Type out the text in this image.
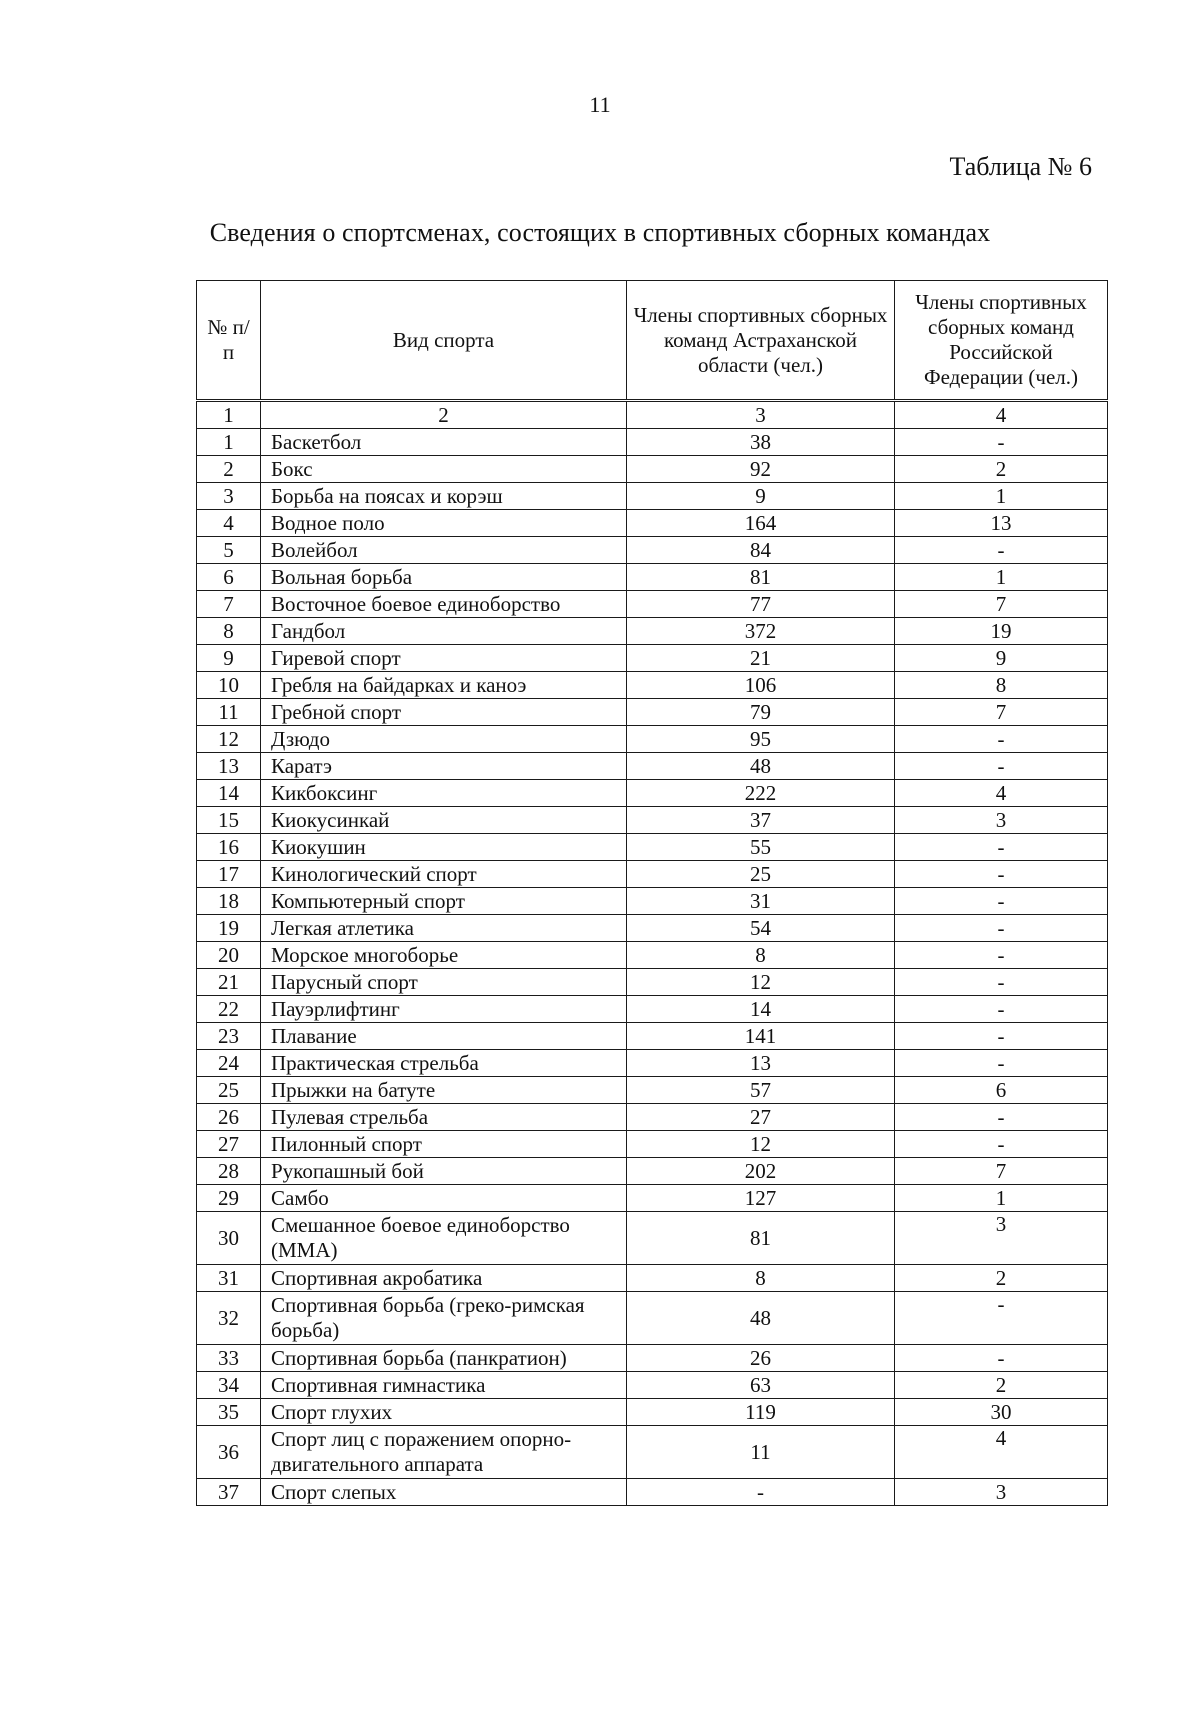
11
Таблица № 6
Сведения о спортсменах, состоящих в спортивных сборных командах
№ п/п	Вид спорта	Члены спортивных сборных команд Астраханской области (чел.)	Члены спортивных сборных команд Российской Федерации (чел.)
1	2	3	4
1	Баскетбол	38	-
2	Бокс	92	2
3	Борьба на поясах и корэш	9	1
4	Водное поло	164	13
5	Волейбол	84	-
6	Вольная борьба	81	1
7	Восточное боевое единоборство	77	7
8	Гандбол	372	19
9	Гиревой спорт	21	9
10	Гребля на байдарках и каноэ	106	8
11	Гребной спорт	79	7
12	Дзюдо	95	-
13	Каратэ	48	-
14	Кикбоксинг	222	4
15	Киокусинкай	37	3
16	Киокушин	55	-
17	Кинологический спорт	25	-
18	Компьютерный спорт	31	-
19	Легкая атлетика	54	-
20	Морское многоборье	8	-
21	Парусный спорт	12	-
22	Пауэрлифтинг	14	-
23	Плавание	141	-
24	Практическая стрельба	13	-
25	Прыжки на батуте	57	6
26	Пулевая стрельба	27	-
27	Пилонный спорт	12	-
28	Рукопашный бой	202	7
29	Самбо	127	1
30	Смешанное боевое единоборство (ММА)	81	3
31	Спортивная акробатика	8	2
32	Спортивная борьба (греко-римская борьба)	48	-
33	Спортивная борьба (панкратион)	26	-
34	Спортивная гимнастика	63	2
35	Спорт глухих	119	30
36	Спорт лиц с поражением опорно-двигательного аппарата	11	4
37	Спорт слепых	-	3
